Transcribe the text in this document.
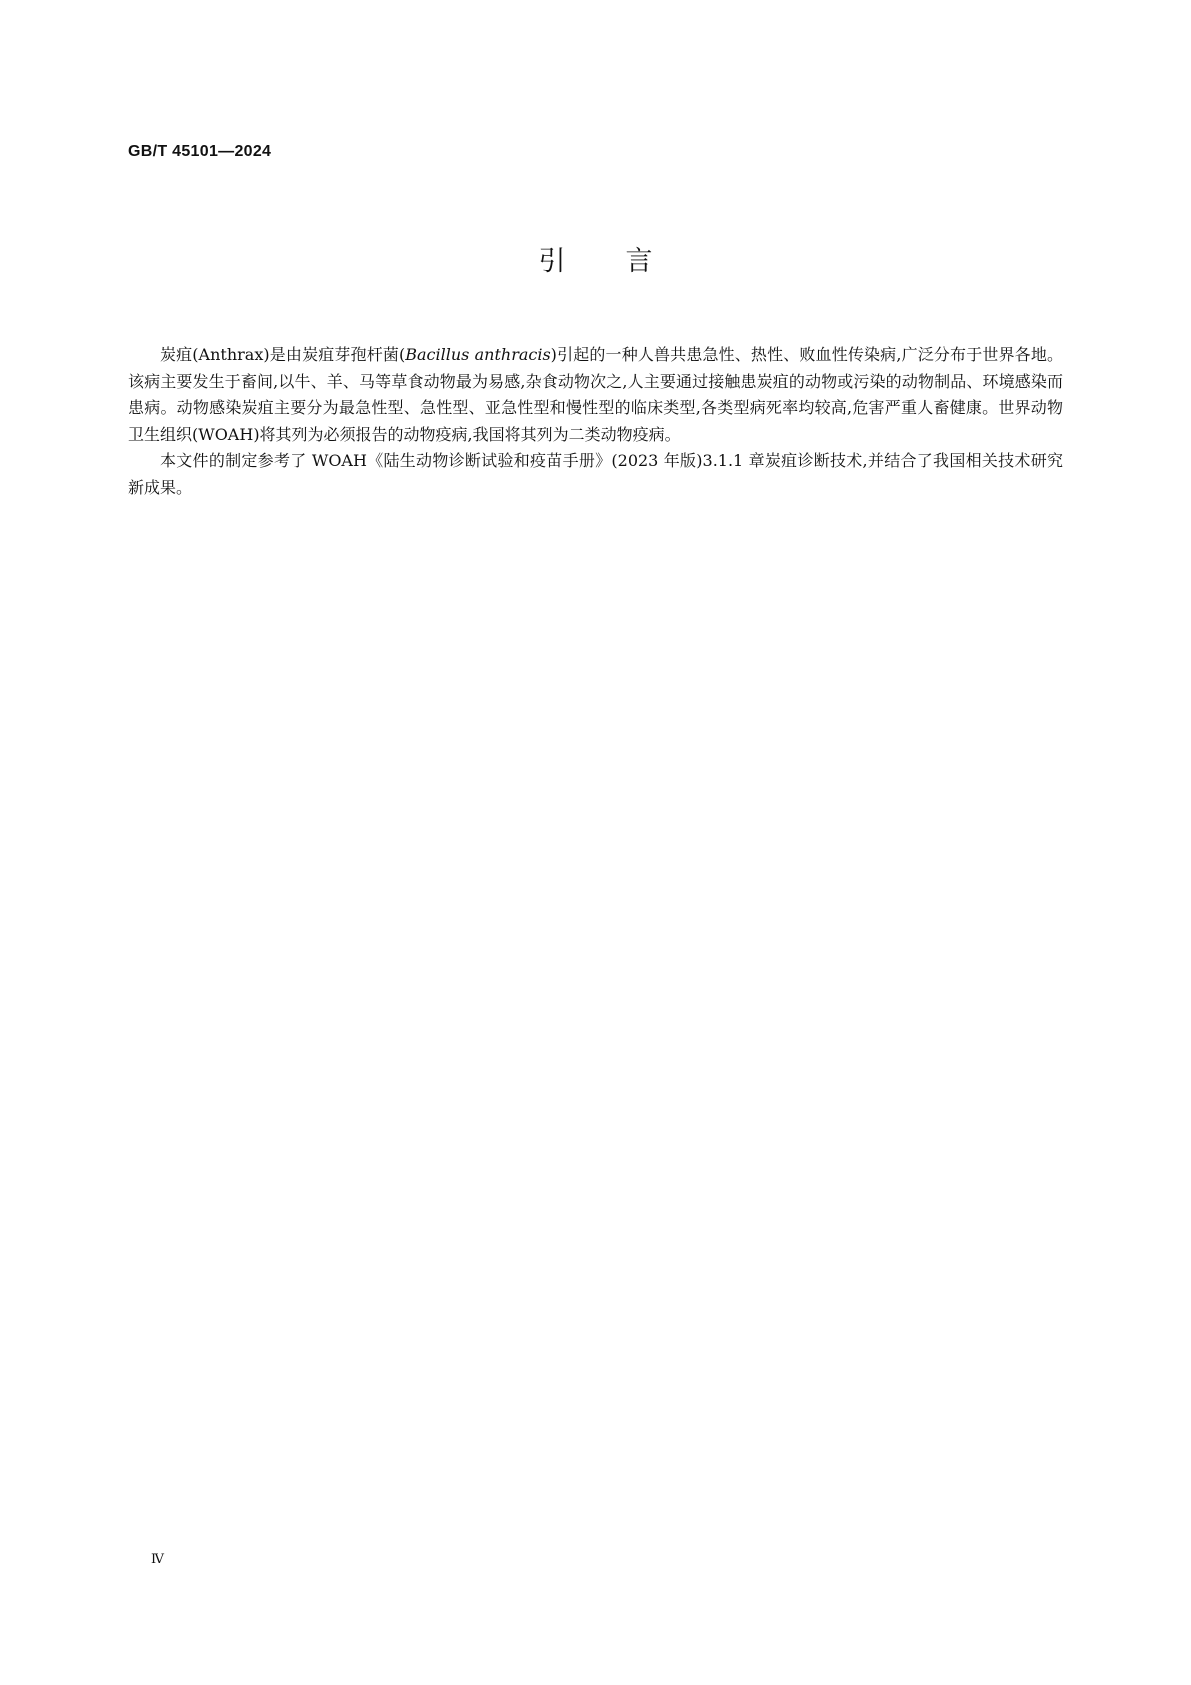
GB/T 45101—2024
引 言

炭疽(Anthrax)是由炭疽芽孢杆菌(Bacillus anthracis)引起的一种人兽共患急性、热性、败血性传染病,广泛分布于世界各地。该病主要发生于畜间,以牛、羊、马等草食动物最为易感,杂食动物次之,人主要通过接触患炭疽的动物或污染的动物制品、环境感染而患病。动物感染炭疽主要分为最急性型、急性型、亚急性型和慢性型的临床类型,各类型病死率均较高,危害严重人畜健康。世界动物卫生组织(WOAH)将其列为必须报告的动物疫病,我国将其列为二类动物疫病。

本文件的制定参考了 WOAH《陆生动物诊断试验和疫苗手册》(2023 年版)3.1.1 章炭疽诊断技术,并结合了我国相关技术研究新成果。

Ⅳ
